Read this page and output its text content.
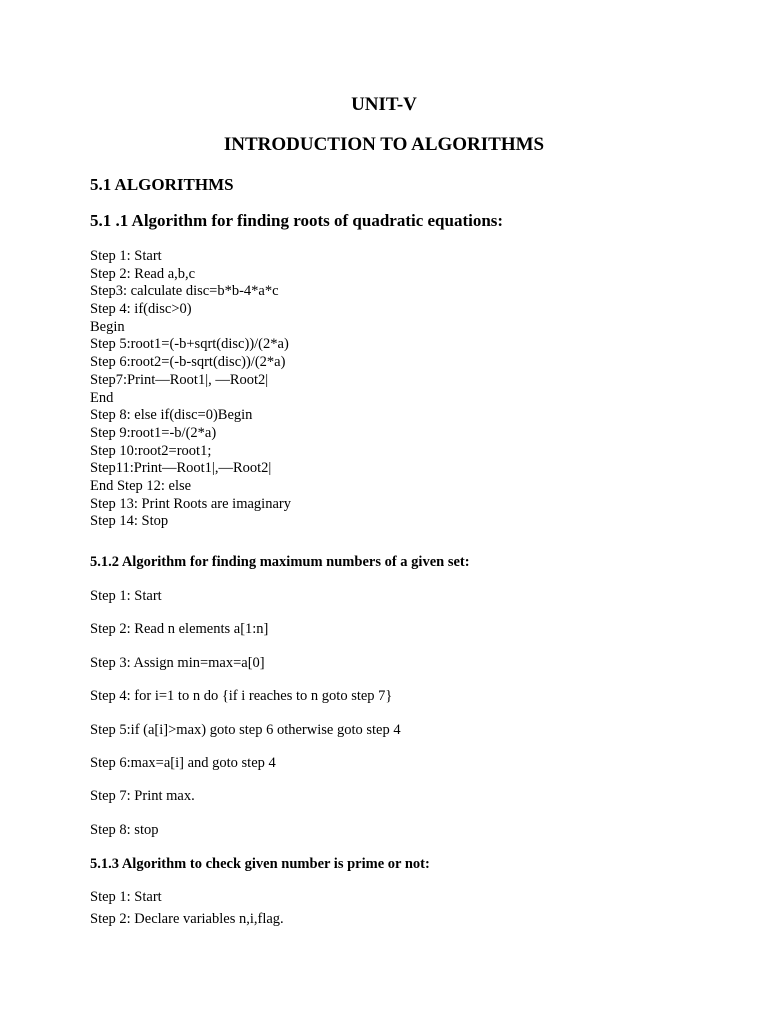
UNIT-V
INTRODUCTION TO ALGORITHMS
5.1 ALGORITHMS
5.1 .1 Algorithm for finding roots of quadratic equations:
Step 1: Start
Step 2: Read a,b,c
Step3: calculate disc=b*b-4*a*c
Step 4: if(disc>0)
Begin
Step 5:root1=(-b+sqrt(disc))/(2*a)
Step 6:root2=(-b-sqrt(disc))/(2*a)
Step7:Print—Root1|, —Root2|
End
Step 8: else if(disc=0)Begin
Step 9:root1=-b/(2*a)
Step 10:root2=root1;
Step11:Print—Root1|,—Root2|
End Step 12: else
Step 13: Print Roots are imaginary
Step 14: Stop
5.1.2 Algorithm for finding maximum numbers of a given set:
Step 1: Start
Step 2: Read n elements a[1:n]
Step 3: Assign min=max=a[0]
Step 4: for i=1 to n do {if i reaches to n goto step 7}
Step 5:if (a[i]>max) goto step 6 otherwise goto step 4
Step 6:max=a[i] and goto step 4
Step 7: Print max.
Step 8: stop
5.1.3 Algorithm to check given number is prime or not:
Step 1: Start
Step 2: Declare variables n,i,flag.
